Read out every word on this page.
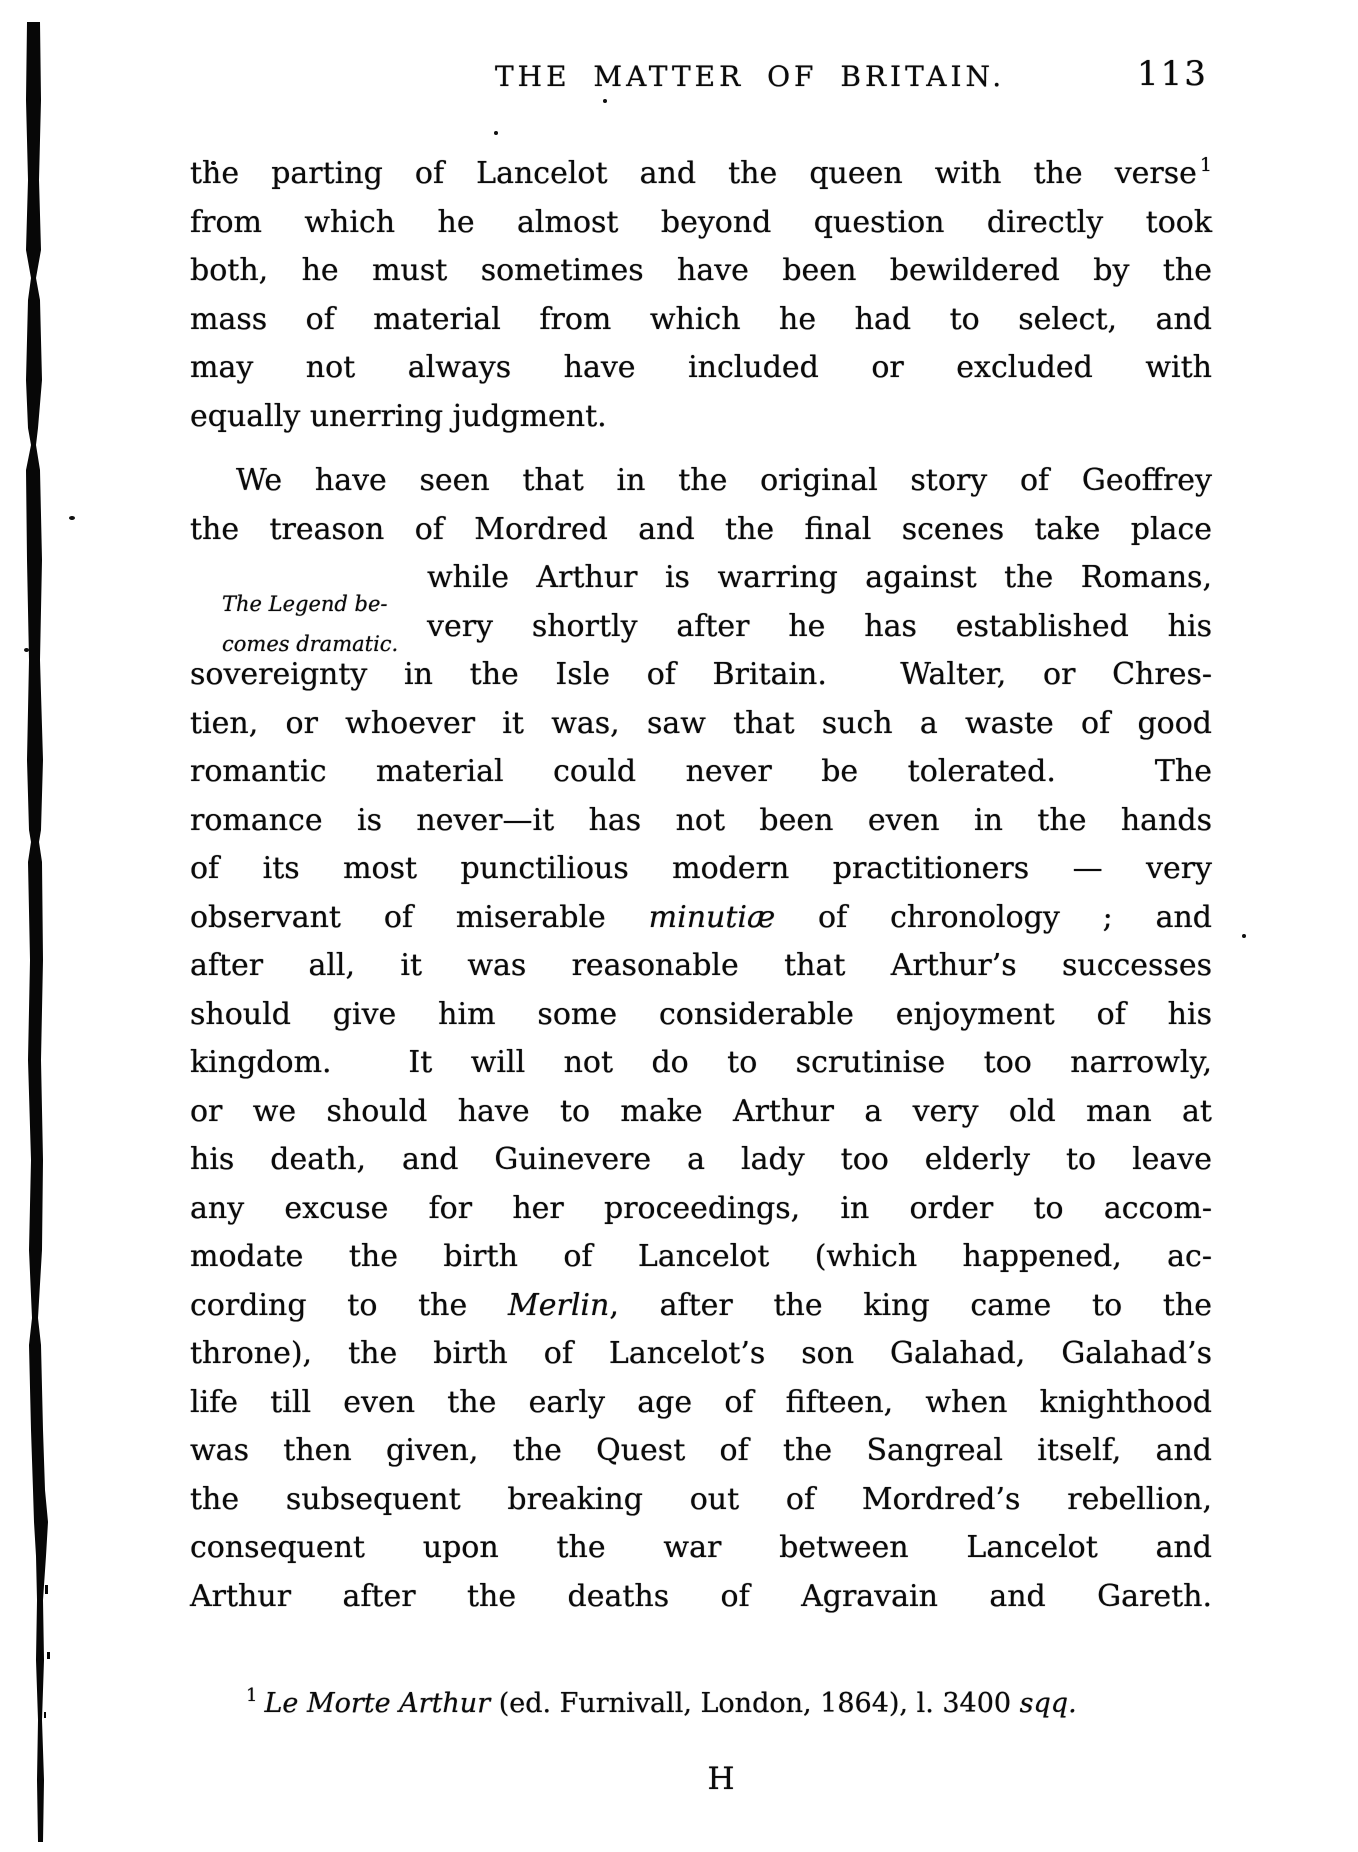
THE MATTER OF BRITAIN.	113
the parting of Lancelot and the queen with the verse $^1$
from which he almost beyond question directly took
both, he must sometimes have been bewildered by the
mass of material from which he had to select, and
may not always have included or excluded with
equally unerring judgment.
The Legend be-
comes dramatic.
We have seen that in the original story of Geoffrey
the treason of Mordred and the final scenes take place
while Arthur is warring against the Romans,
very shortly after he has established his
sovereignty in the Isle of Britain.  Walter, or Chres-
tien, or whoever it was, saw that such a waste of good
romantic material could never be tolerated.  The
romance is never—it has not been even in the hands
of its most punctilious modern practitioners — very
observant of miserable minutiæ of chronology ; and
after all, it was reasonable that Arthur’s successes
should give him some considerable enjoyment of his
kingdom.  It will not do to scrutinise too narrowly,
or we should have to make Arthur a very old man at
his death, and Guinevere a lady too elderly to leave
any excuse for her proceedings, in order to accom-
modate the birth of Lancelot (which happened, ac-
cording to the Merlin, after the king came to the
throne), the birth of Lancelot’s son Galahad, Galahad’s
life till even the early age of fifteen, when knighthood
was then given, the Quest of the Sangreal itself, and
the subsequent breaking out of Mordred’s rebellion,
consequent upon the war between Lancelot and
Arthur after the deaths of Agravain and Gareth.
$^1$ Le Morte Arthur (ed. Furnivall, London, 1864), l. 3400 sqq.
H
